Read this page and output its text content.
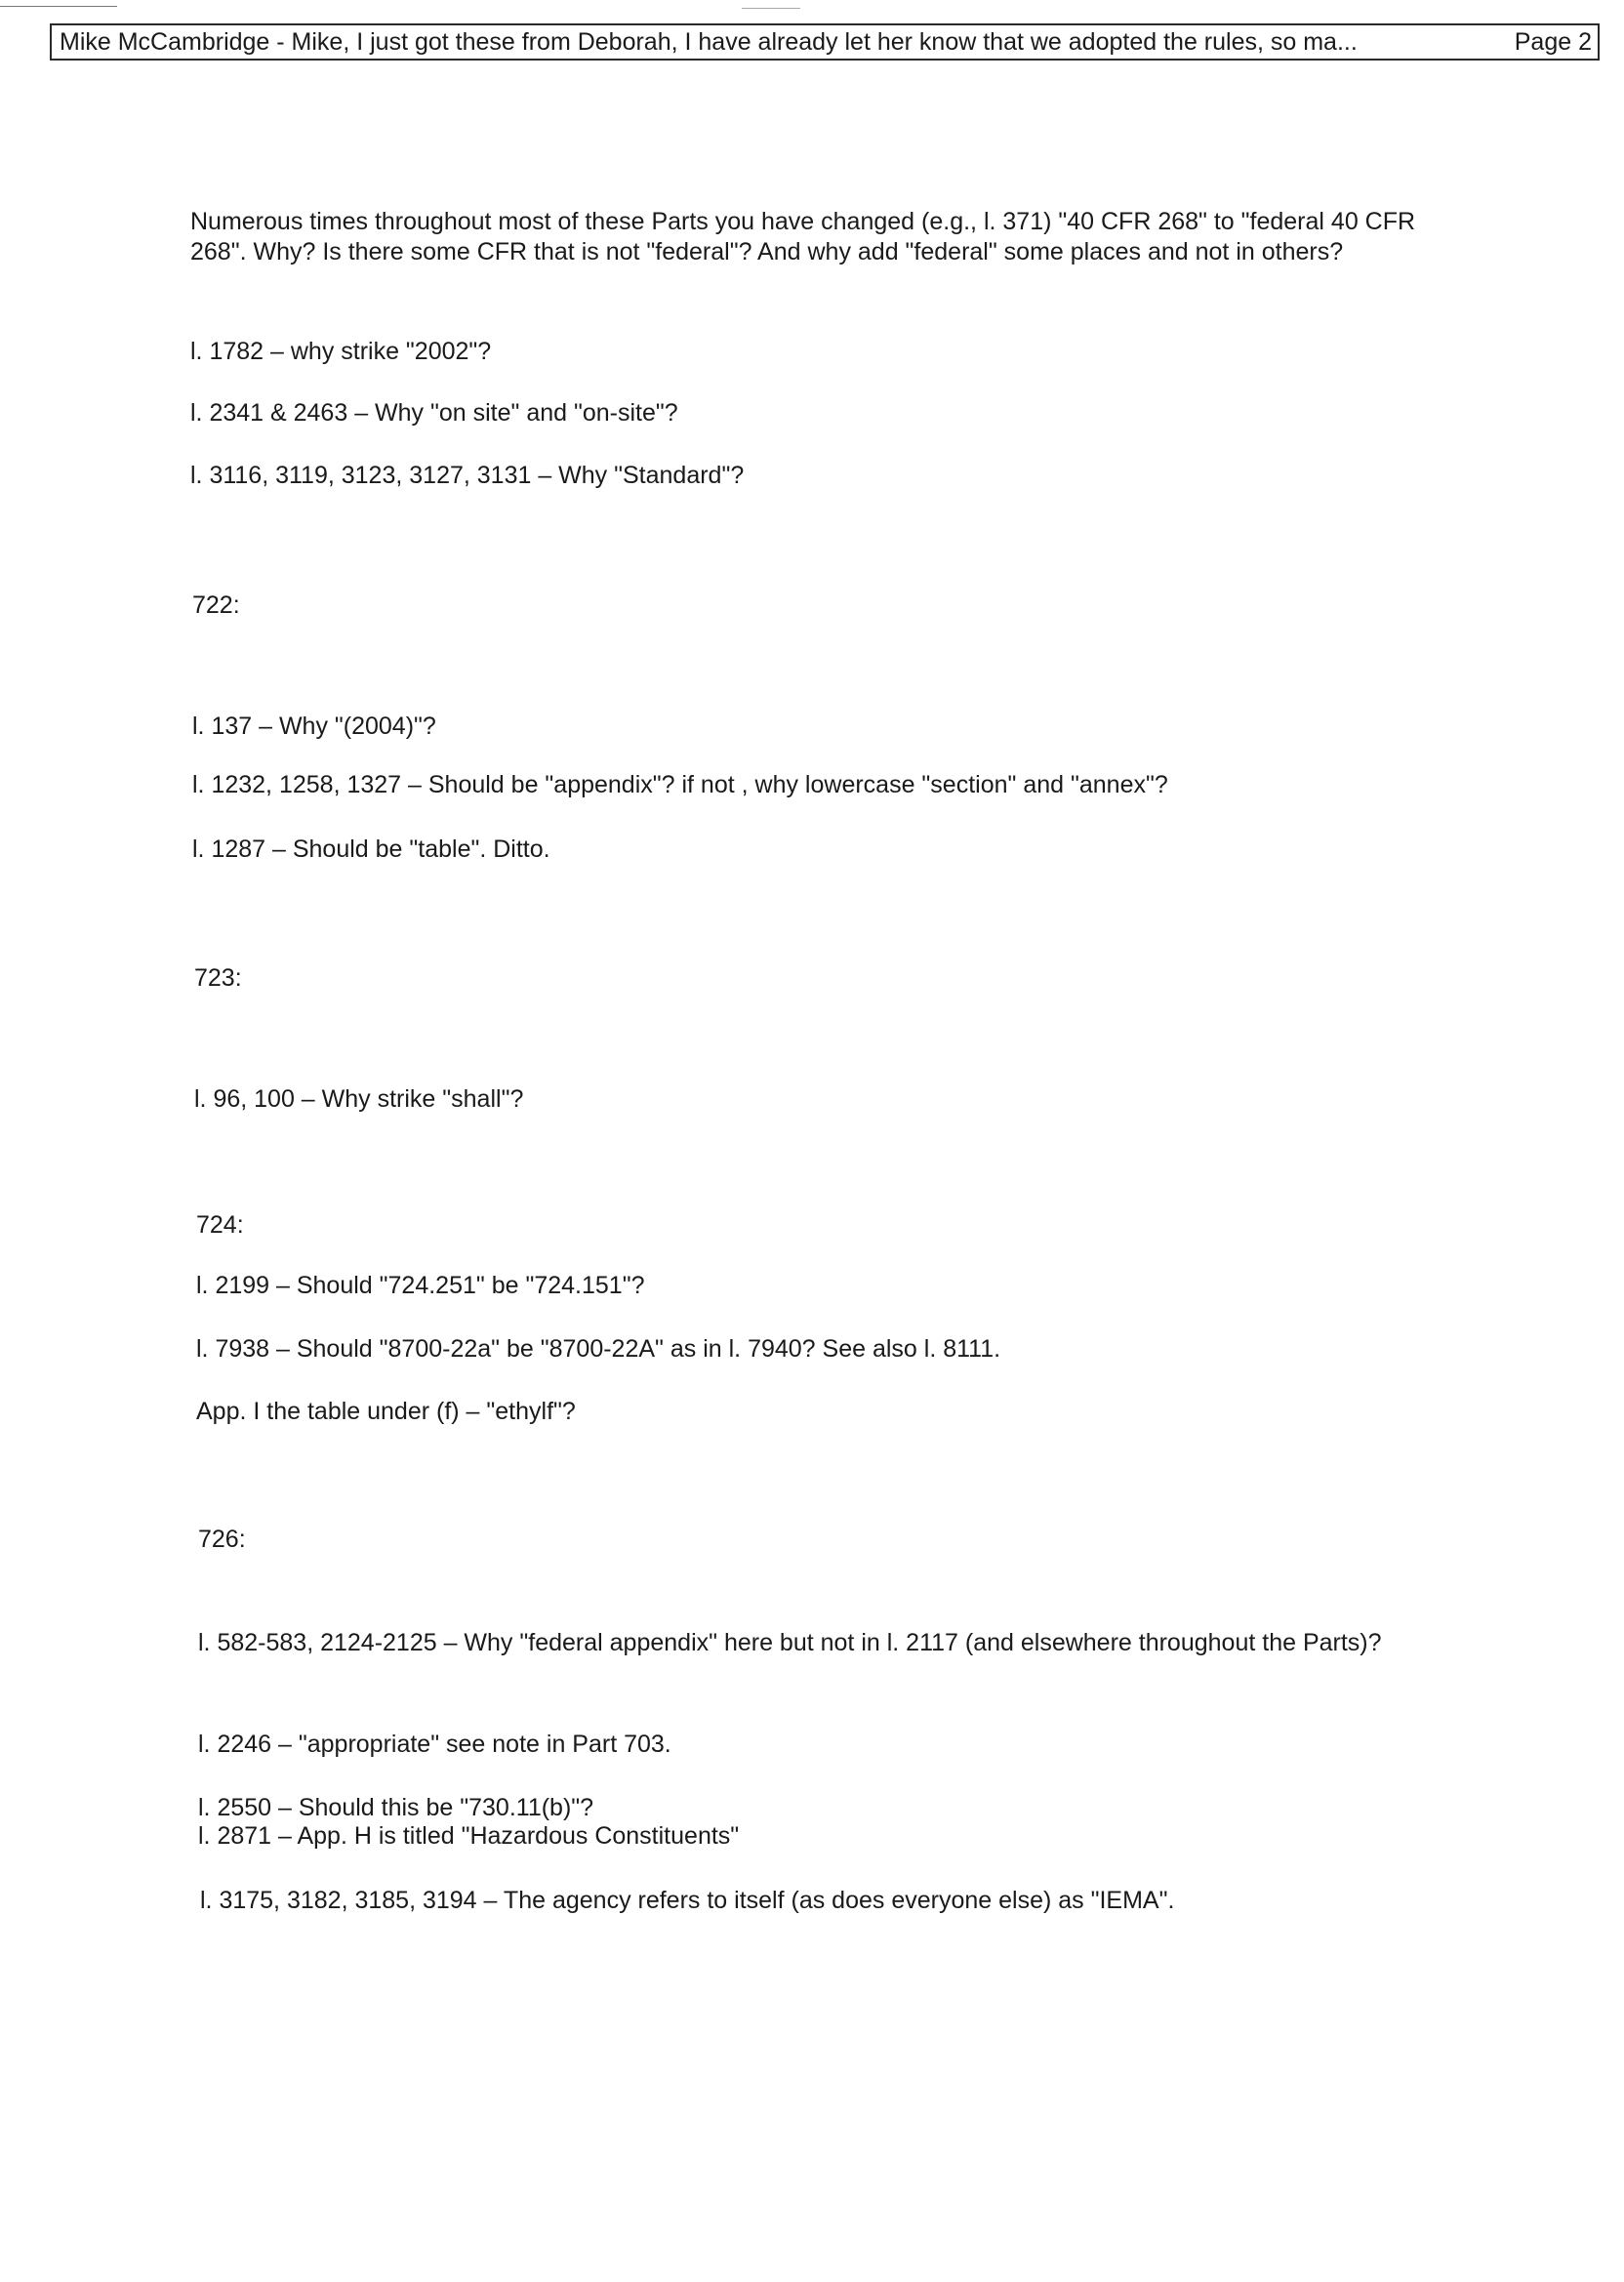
Mike McCambridge - Mike, I just got these from Deborah, I have already let her know that we adopted the rules, so ma...	Page 2
Numerous times throughout most of these Parts you have changed (e.g., l. 371) "40 CFR 268" to "federal 40 CFR 268". Why? Is there some CFR that is not "federal"? And why add "federal" some places and not in others?
l. 1782 – why strike "2002"?
l. 2341 & 2463 – Why "on site" and "on-site"?
l. 3116, 3119, 3123, 3127, 3131 – Why "Standard"?
722:
l. 137 – Why "(2004)"?
l. 1232, 1258, 1327 – Should be "appendix"? if not , why lowercase "section" and "annex"?
l. 1287 – Should be "table". Ditto.
723:
l. 96, 100 – Why strike "shall"?
724:
l. 2199 – Should "724.251" be "724.151"?
l. 7938 – Should "8700-22a" be "8700-22A" as in l. 7940? See also l. 8111.
App. I the table under (f) – "ethylf"?
726:
l. 582-583, 2124-2125 – Why "federal appendix" here but not in l. 2117 (and elsewhere throughout the Parts)?
l. 2246 – "appropriate" see note in Part 703.
l. 2550 – Should this be "730.11(b)"?
l. 2871 – App. H is titled "Hazardous Constituents"
l. 3175, 3182, 3185, 3194 – The agency refers to itself (as does everyone else) as "IEMA".
